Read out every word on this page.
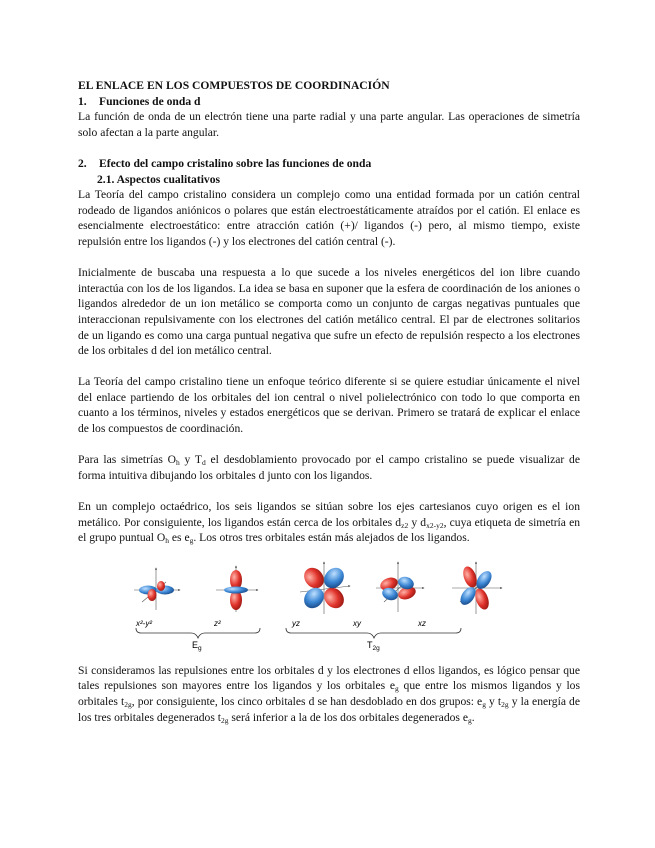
EL ENLACE EN LOS COMPUESTOS DE COORDINACIÓN
1. Funciones de onda d

La función de onda de un electrón tiene una parte radial y una parte angular. Las operaciones de simetría solo afectan a la parte angular.

2. Efecto del campo cristalino sobre las funciones de onda
2.1. Aspectos cualitativos

La Teoría del campo cristalino considera un complejo como una entidad formada por un catión central rodeado de ligandos aniónicos o polares que están electroestáticamente atraídos por el catión. El enlace es esencialmente electroestático: entre atracción catión (+)/ ligandos (-) pero, al mismo tiempo, existe repulsión entre los ligandos (-) y los electrones del catión central (-).

Inicialmente de buscaba una respuesta a lo que sucede a los niveles energéticos del ion libre cuando interactúa con los de los ligandos. La idea se basa en suponer que la esfera de coordinación de los aniones o ligandos alrededor de un ion metálico se comporta como un conjunto de cargas negativas puntuales que interaccionan repulsivamente con los electrones del catión metálico central. El par de electrones solitarios de un ligando es como una carga puntual negativa que sufre un efecto de repulsión respecto a los electrones de los orbitales d del ion metálico central.

La Teoría del campo cristalino tiene un enfoque teórico diferente si se quiere estudiar únicamente el nivel del enlace partiendo de los orbitales del ion central o nivel polielectrónico con todo lo que comporta en cuanto a los términos, niveles y estados energéticos que se derivan. Primero se tratará de explicar el enlace de los compuestos de coordinación.

Para las simetrías $O_h$ y $T_d$ el desdoblamiento provocado por el campo cristalino se puede visualizar de forma intuitiva dibujando los orbitales d junto con los ligandos.

En un complejo octaédrico, los seis ligandos se sitúan sobre los ejes cartesianos cuyo origen es el ion metálico. Por consiguiente, los ligandos están cerca de los orbitales $d_{z2}$ y $d_{x2-y2}$, cuya etiqueta de simetría en el grupo puntual $O_h$ es $e_g$. Los otros tres orbitales están más alejados de los ligandos.

x²-y²	z²	yz	xy	xz
$E_g$	$T_{2g}$

Si consideramos las repulsiones entre los orbitales d y los electrones d ellos ligandos, es lógico pensar que tales repulsiones son mayores entre los ligandos y los orbitales $e_g$ que entre los mismos ligandos y los orbitales $t_{2g}$, por consiguiente, los cinco orbitales d se han desdoblado en dos grupos: $e_g$ y $t_{2g}$ y la energía de los tres orbitales degenerados $t_{2g}$ será inferior a la de los dos orbitales degenerados $e_g$.
